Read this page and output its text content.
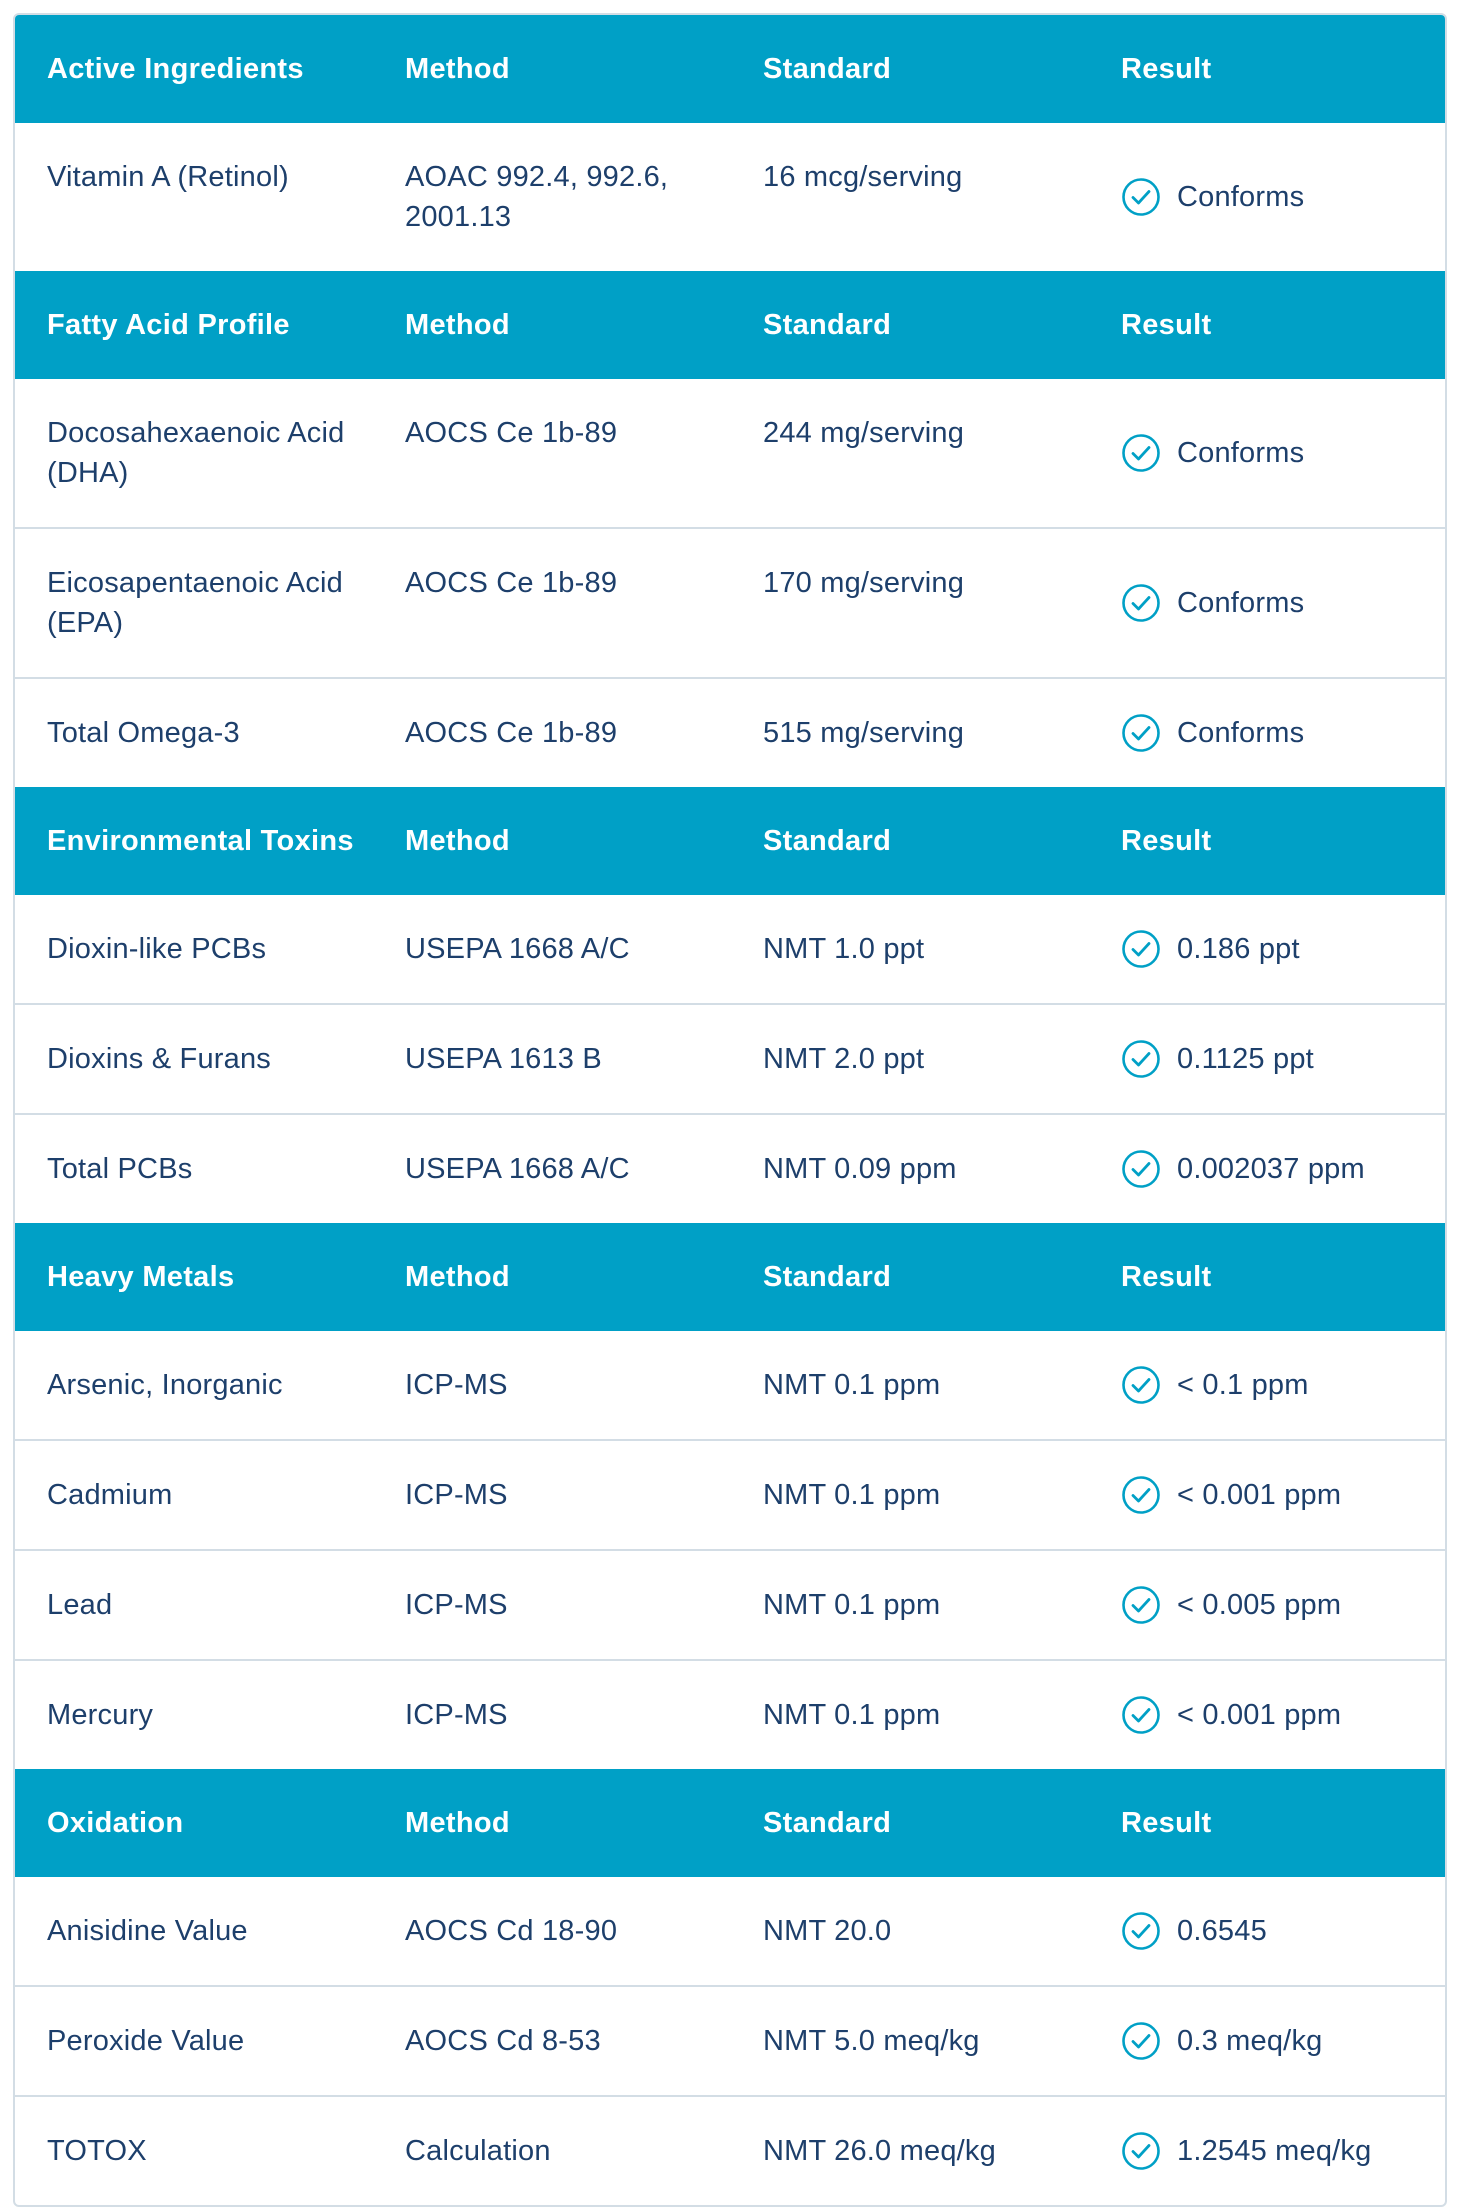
Active Ingredients	Method	Standard	Result
Vitamin A (Retinol)	AOAC 992.4, 992.6, 2001.13	16 mcg/serving	Conforms

Fatty Acid Profile	Method	Standard	Result
Docosahexaenoic Acid (DHA)	AOCS Ce 1b-89	244 mg/serving	Conforms

Eicosapentaenoic Acid (EPA)	AOCS Ce 1b-89	170 mg/serving	Conforms

Total Omega-3	AOCS Ce 1b-89	515 mg/serving	Conforms

Environmental Toxins	Method	Standard	Result
Dioxin-like PCBs	USEPA 1668 A/C	NMT 1.0 ppt	0.186 ppt

Dioxins & Furans	USEPA 1613 B	NMT 2.0 ppt	0.1125 ppt

Total PCBs	USEPA 1668 A/C	NMT 0.09 ppm	0.002037 ppm

Heavy Metals	Method	Standard	Result
Arsenic, Inorganic	ICP-MS	NMT 0.1 ppm	< 0.1 ppm

Cadmium	ICP-MS	NMT 0.1 ppm	< 0.001 ppm

Lead	ICP-MS	NMT 0.1 ppm	< 0.005 ppm

Mercury	ICP-MS	NMT 0.1 ppm	< 0.001 ppm

Oxidation	Method	Standard	Result
Anisidine Value	AOCS Cd 18-90	NMT 20.0	0.6545

Peroxide Value	AOCS Cd 8-53	NMT 5.0 meq/kg	0.3 meq/kg

TOTOX	Calculation	NMT 26.0 meq/kg	1.2545 meq/kg
